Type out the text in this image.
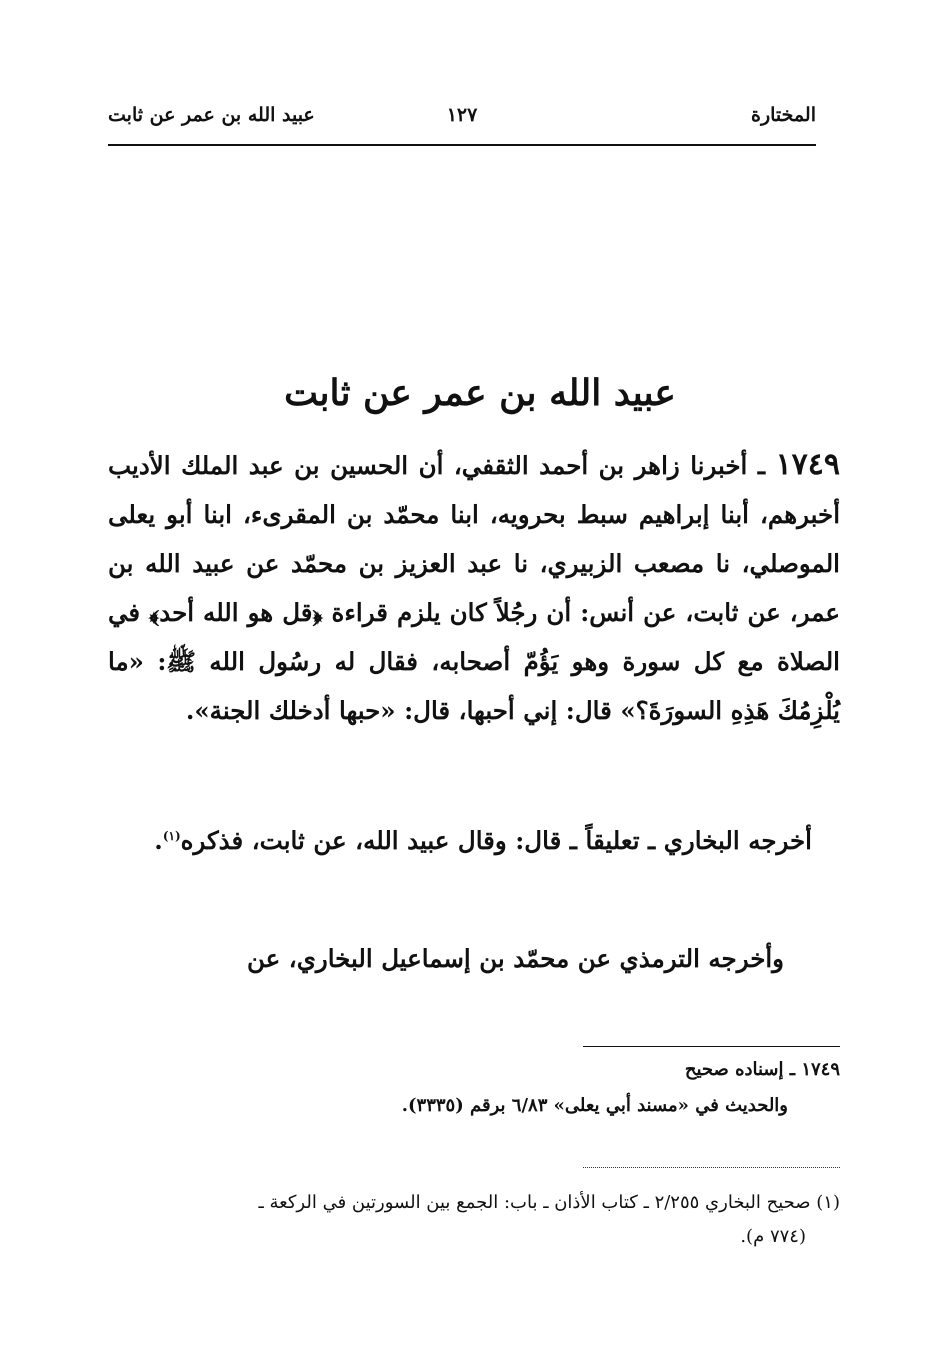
المختارة
١٢٧
عبيد الله بن عمر عن ثابت
عبيد الله بن عمر عن ثابت
١٧٤٩ ـ أخبرنا زاهر بن أحمد الثقفي، أن الحسين بن عبد الملك الأديب أخبرهم، أبنا إبراهيم سبط بحرويه، ابنا محمّد بن المقرىء، ابنا أبو يعلى الموصلي، نا مصعب الزبيري، نا عبد العزيز بن محمّد عن عبيد الله بن عمر، عن ثابت، عن أنس: أن رجُلاً كان يلزم قراءة ﴿قل هو الله أحد﴾ في الصلاة مع كل سورة وهو يَؤُمّ أصحابه، فقال له رسُول الله ﷺ: «ما يُلْزِمُكَ هَذِهِ السورَةَ؟» قال: إني أحبها، قال: «حبها أدخلك الجنة».
أخرجه البخاري ـ تعليقاً ـ قال: وقال عبيد الله، عن ثابت، فذكره$^{(١)}$.
وأخرجه الترمذي عن محمّد بن إسماعيل البخاري، عن
١٧٤٩ ـ إسناده صحيح
والحديث في «مسند أبي يعلى» ٦/٨٣ برقم (٣٣٣٥).
(١) صحيح البخاري ٢/٢٥٥ ـ كتاب الأذان ـ باب: الجمع بين السورتين في الركعة ـ
(٧٧٤ م).
